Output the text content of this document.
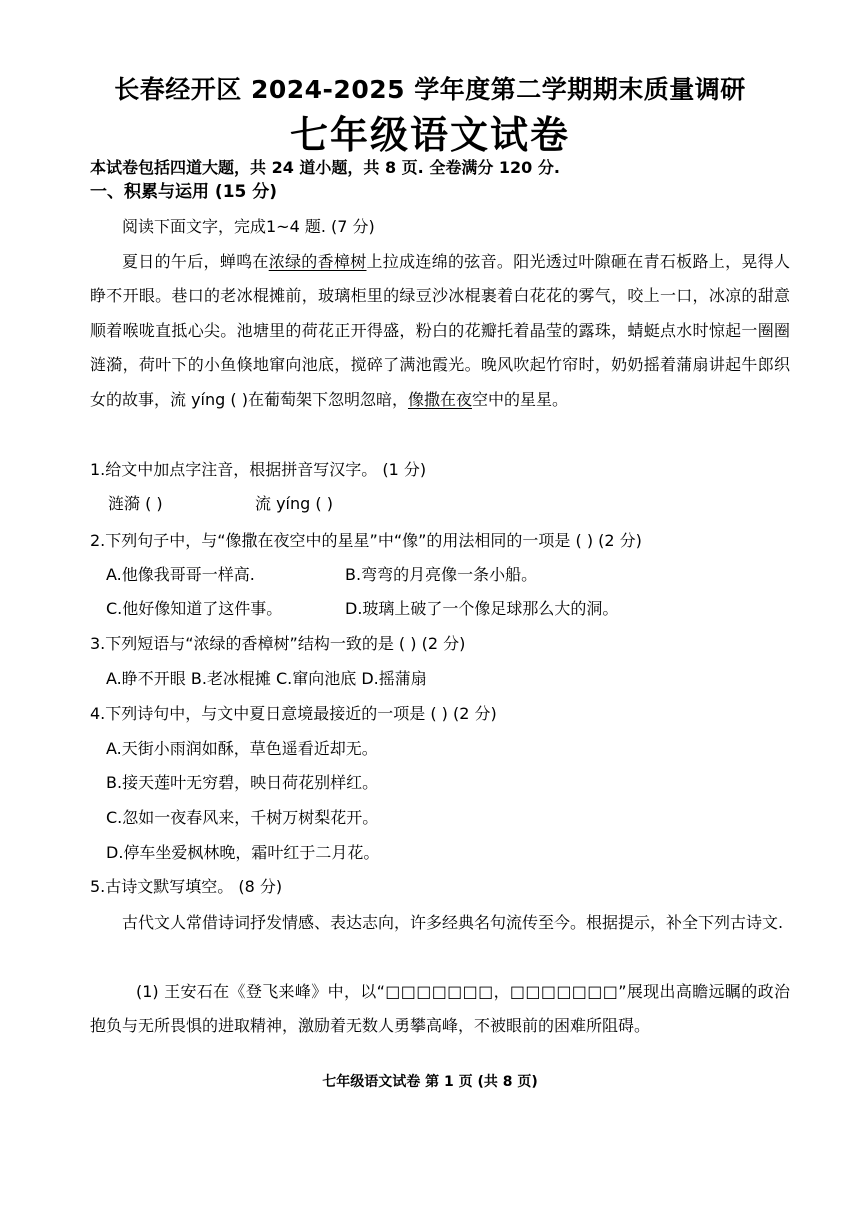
长春经开区 2024-2025 学年度第二学期期末质量调研
七年级语文试卷
本试卷包括四道大题，共 24 道小题，共 8 页. 全卷满分 120 分.
一、积累与运用 (15 分)
阅读下面文字，完成1~4 题. (7 分)
夏日的午后，蝉鸣在浓绿的香樟树上拉成连绵的弦音。阳光透过叶隙砸在青石板路上，晃得人睁不开眼。巷口的老冰棍摊前，玻璃柜里的绿豆沙冰棍裹着白花花的雾气，咬上一口，冰凉的甜意顺着喉咙直抵心尖。池塘里的荷花正开得盛，粉白的花瓣托着晶莹的露珠，蜻蜓点水时惊起一圈圈涟漪，荷叶下的小鱼倏地窜向池底，搅碎了满池霞光。晚风吹起竹帘时，奶奶摇着蒲扇讲起牛郎织女的故事，流 yíng ( )在葡萄架下忽明忽暗，像撒在夜空中的星星。
1.给文中加点字注音，根据拼音写汉字。 (1 分)
涟漪 ( )	流 yíng ( )
2.下列句子中，与“像撒在夜空中的星星”中“像”的用法相同的一项是 ( ) (2 分)
A.他像我哥哥一样高.	B.弯弯的月亮像一条小船。
C.他好像知道了这件事。	D.玻璃上破了一个像足球那么大的洞。
3.下列短语与“浓绿的香樟树”结构一致的是 ( ) (2 分)
A.睁不开眼 B.老冰棍摊 C.窜向池底 D.摇蒲扇
4.下列诗句中，与文中夏日意境最接近的一项是 ( ) (2 分)
A.天街小雨润如酥，草色遥看近却无。
B.接天莲叶无穷碧，映日荷花别样红。
C.忽如一夜春风来，千树万树梨花开。
D.停车坐爱枫林晚，霜叶红于二月花。
5.古诗文默写填空。 (8 分)
古代文人常借诗词抒发情感、表达志向，许多经典名句流传至今。根据提示，补全下列古诗文.
(1) 王安石在《登飞来峰》中，以“□□□□□□□，□□□□□□□”展现出高瞻远瞩的政治抱负与无所畏惧的进取精神，激励着无数人勇攀高峰，不被眼前的困难所阻碍。
七年级语文试卷 第 1 页 (共 8 页)
